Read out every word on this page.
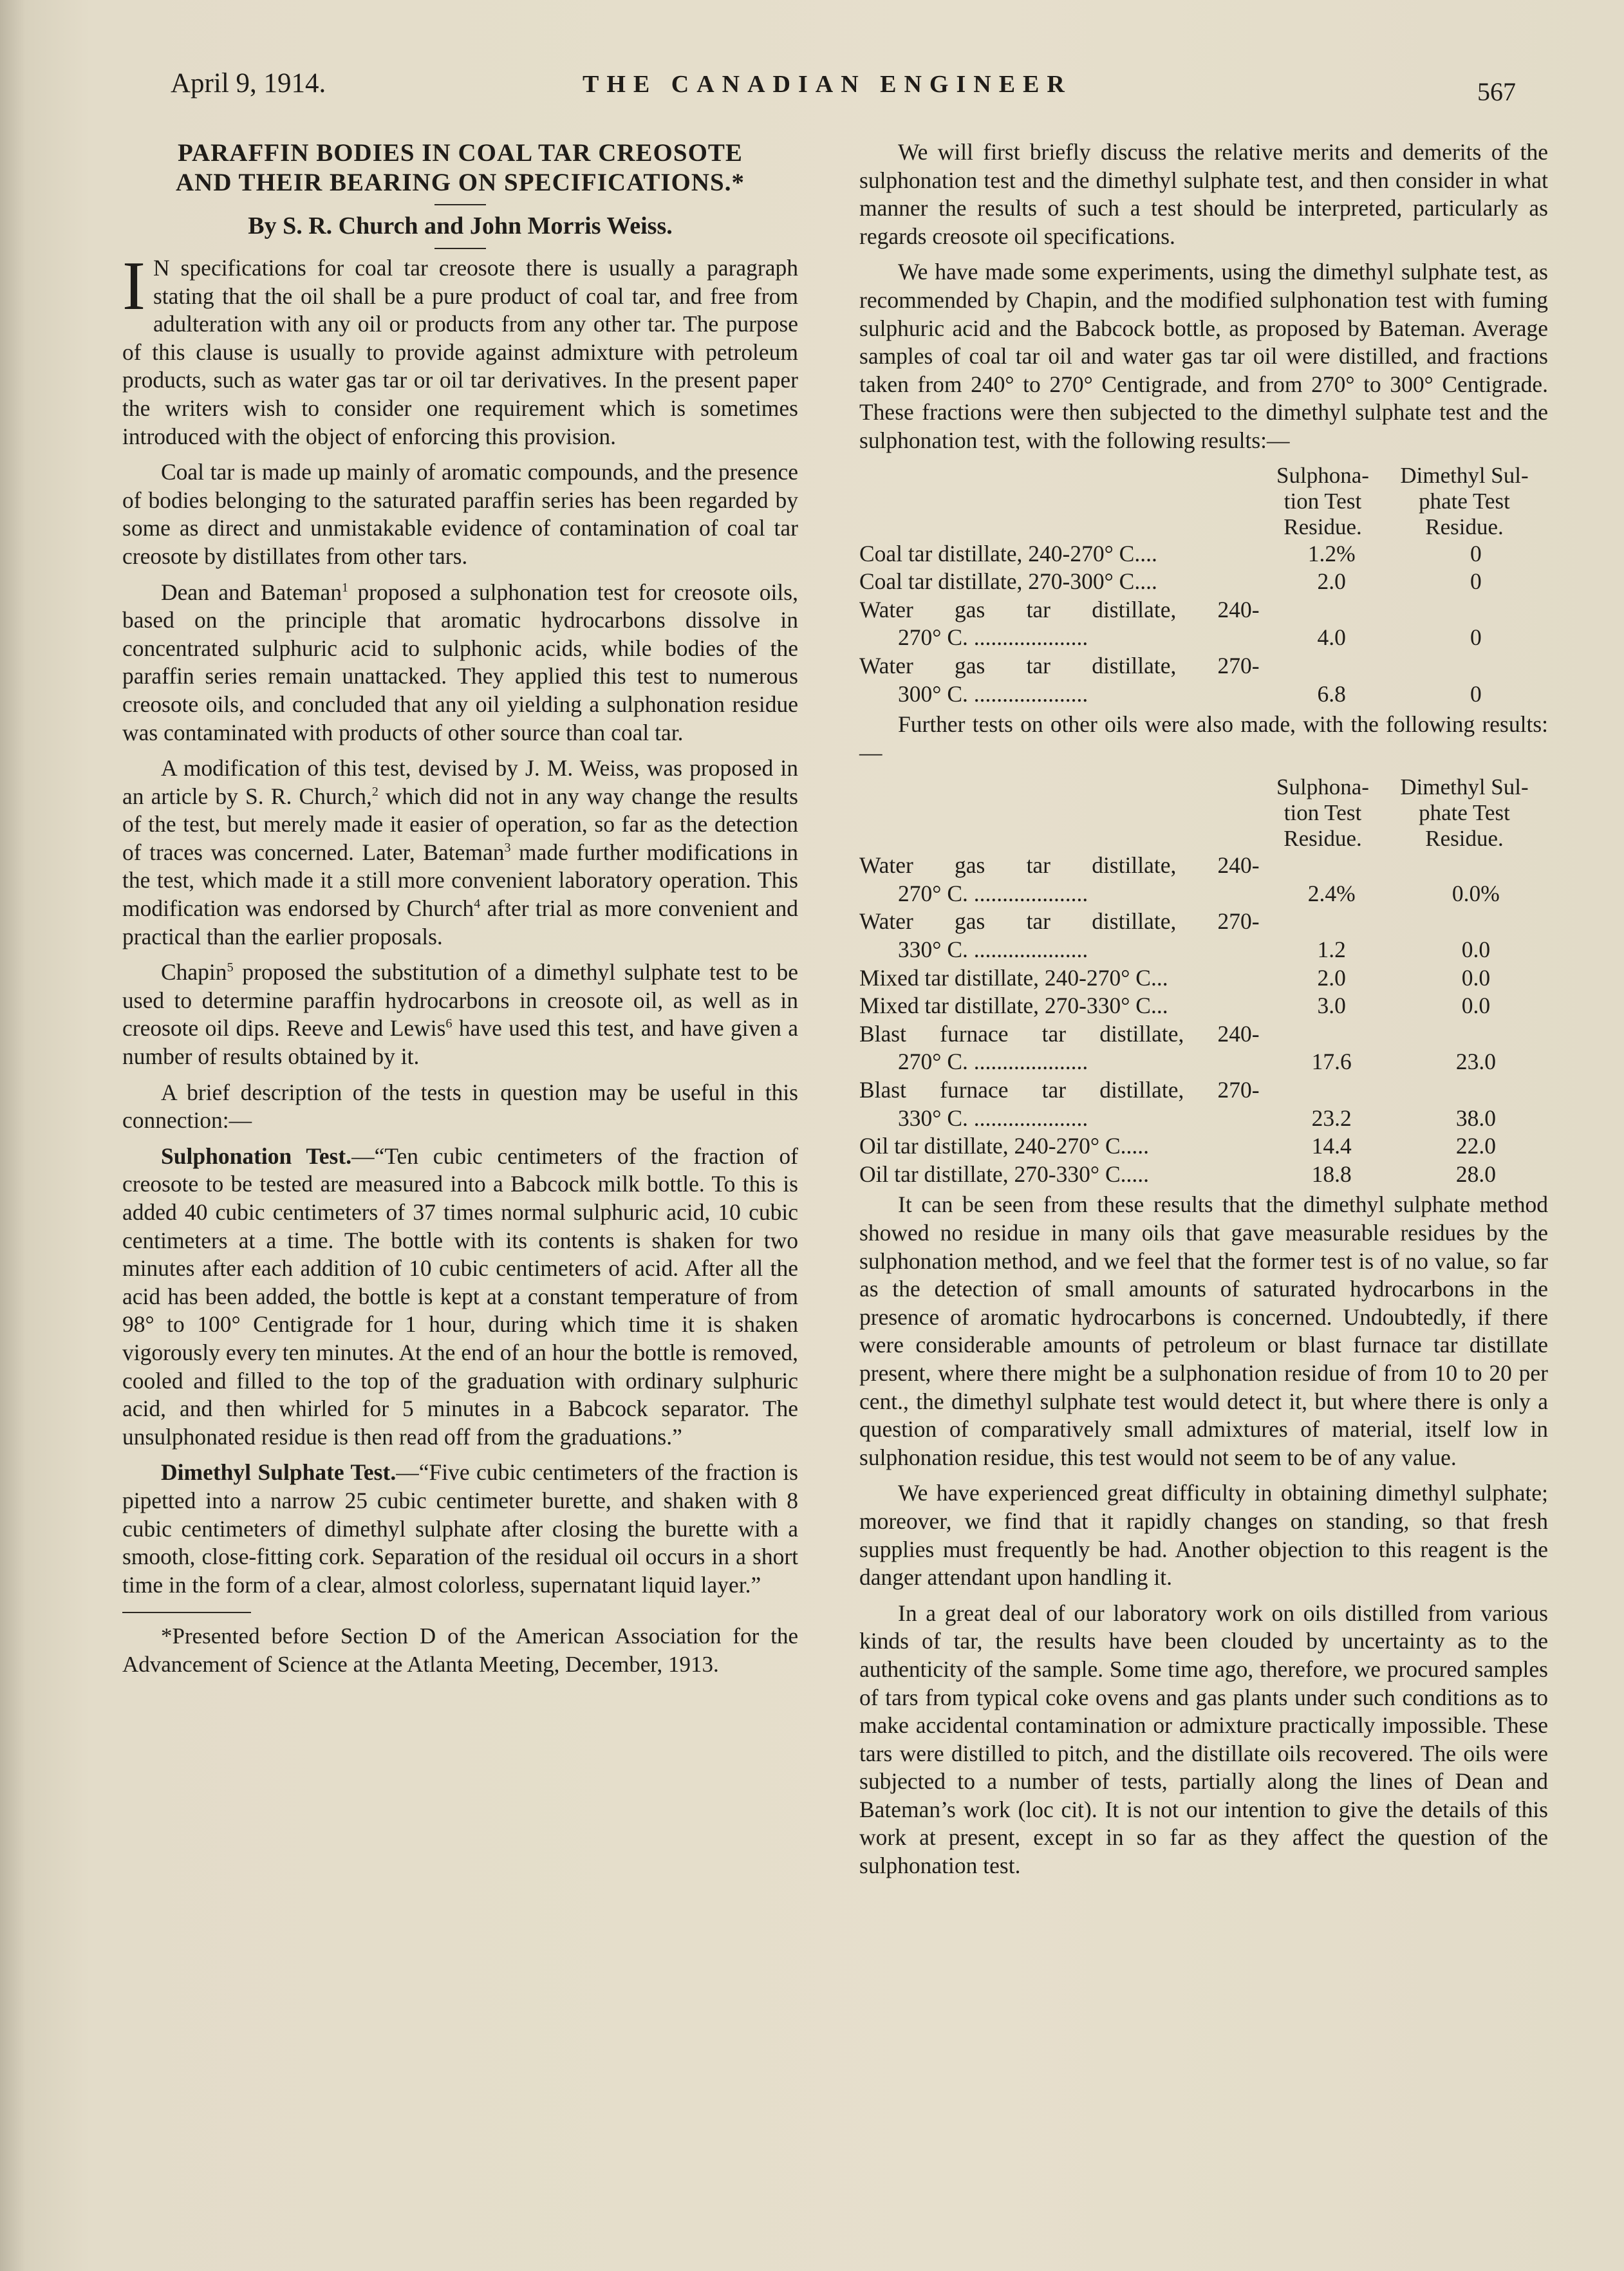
April 9, 1914.	THE CANADIAN ENGINEER	567
PARAFFIN BODIES IN COAL TAR CREOSOTE
AND THEIR BEARING ON SPECIFICATIONS.*
By S. R. Church and John Morris Weiss.

I N specifications for coal tar creosote there is usually a paragraph stating that the oil shall be a pure product of coal tar, and free from adulteration with any oil or products from any other tar. The purpose of this clause is usually to provide against admixture with petroleum products, such as water gas tar or oil tar derivatives. In the present paper the writers wish to consider one requirement which is sometimes introduced with the object of enforcing this provision.

Coal tar is made up mainly of aromatic compounds, and the presence of bodies belonging to the saturated paraffin series has been regarded by some as direct and unmistakable evidence of contamination of coal tar creosote by distillates from other tars.

Dean and Bateman$^1$ proposed a sulphonation test for creosote oils, based on the principle that aromatic hydrocarbons dissolve in concentrated sulphuric acid to sulphonic acids, while bodies of the paraffin series remain unattacked. They applied this test to numerous creosote oils, and concluded that any oil yielding a sulphonation residue was contaminated with products of other source than coal tar.

A modification of this test, devised by J. M. Weiss, was proposed in an article by S. R. Church,$^2$ which did not in any way change the results of the test, but merely made it easier of operation, so far as the detection of traces was concerned. Later, Bateman$^3$ made further modifications in the test, which made it a still more convenient laboratory operation. This modification was endorsed by Church$^4$ after trial as more convenient and practical than the earlier proposals.

Chapin$^5$ proposed the substitution of a dimethyl sulphate test to be used to determine paraffin hydrocarbons in creosote oil, as well as in creosote oil dips. Reeve and Lewis$^6$ have used this test, and have given a number of results obtained by it.

A brief description of the tests in question may be useful in this connection:—

Sulphonation Test.—“Ten cubic centimeters of the fraction of creosote to be tested are measured into a Babcock milk bottle. To this is added 40 cubic centimeters of 37 times normal sulphuric acid, 10 cubic centimeters at a time. The bottle with its contents is shaken for two minutes after each addition of 10 cubic centimeters of acid. After all the acid has been added, the bottle is kept at a constant temperature of from 98° to 100° Centigrade for 1 hour, during which time it is shaken vigorously every ten minutes. At the end of an hour the bottle is removed, cooled and filled to the top of the graduation with ordinary sulphuric acid, and then whirled for 5 minutes in a Babcock separator. The unsulphonated residue is then read off from the graduations.”

Dimethyl Sulphate Test.—“Five cubic centimeters of the fraction is pipetted into a narrow 25 cubic centimeter burette, and shaken with 8 cubic centimeters of dimethyl sulphate after closing the burette with a smooth, close-fitting cork. Separation of the residual oil occurs in a short time in the form of a clear, almost colorless, supernatant liquid layer.”

*Presented before Section D of the American Association for the Advancement of Science at the Atlanta Meeting, December, 1913.

We will first briefly discuss the relative merits and demerits of the sulphonation test and the dimethyl sulphate test, and then consider in what manner the results of such a test should be interpreted, particularly as regards creosote oil specifications.

We have made some experiments, using the dimethyl sulphate test, as recommended by Chapin, and the modified sulphonation test with fuming sulphuric acid and the Babcock bottle, as proposed by Bateman. Average samples of coal tar oil and water gas tar oil were distilled, and fractions taken from 240° to 270° Centigrade, and from 270° to 300° Centigrade. These fractions were then subjected to the dimethyl sulphate test and the sulphonation test, with the following results:—

Sulphona-
tion Test
Residue.
Dimethyl Sul-
phate Test
Residue.
Coal tar distillate, 240-270° C....	1.2%	0
Coal tar distillate, 270-300° C....	2.0	0

Water gas tar distillate, 240-
270° C. ....................	4.0	0

Water gas tar distillate, 270-
300° C. ....................	6.8	0

Further tests on other oils were also made, with the following results:—

Sulphona-
tion Test
Residue.
Dimethyl Sul-
phate Test
Residue.
Water gas tar distillate, 240-
270° C. ....................	2.4%	0.0%

Water gas tar distillate, 270-
330° C. ....................	1.2	0.0
Mixed tar distillate, 240-270° C...	2.0	0.0
Mixed tar distillate, 270-330° C...	3.0	0.0

Blast furnace tar distillate, 240-
270° C. ....................	17.6	23.0

Blast furnace tar distillate, 270-
330° C. ....................	23.2	38.0
Oil tar distillate, 240-270° C.....	14.4	22.0
Oil tar distillate, 270-330° C.....	18.8	28.0

It can be seen from these results that the dimethyl sulphate method showed no residue in many oils that gave measurable residues by the sulphonation method, and we feel that the former test is of no value, so far as the detection of small amounts of saturated hydrocarbons in the presence of aromatic hydrocarbons is concerned. Undoubtedly, if there were considerable amounts of petroleum or blast furnace tar distillate present, where there might be a sulphonation residue of from 10 to 20 per cent., the dimethyl sulphate test would detect it, but where there is only a question of comparatively small admixtures of material, itself low in sulphonation residue, this test would not seem to be of any value.

We have experienced great difficulty in obtaining dimethyl sulphate; moreover, we find that it rapidly changes on standing, so that fresh supplies must frequently be had. Another objection to this reagent is the danger attendant upon handling it.

In a great deal of our laboratory work on oils distilled from various kinds of tar, the results have been clouded by uncertainty as to the authenticity of the sample. Some time ago, therefore, we procured samples of tars from typical coke ovens and gas plants under such conditions as to make accidental contamination or admixture practically impossible. These tars were distilled to pitch, and the distillate oils recovered. The oils were subjected to a number of tests, partially along the lines of Dean and Bateman’s work (loc cit). It is not our intention to give the details of this work at present, except in so far as they affect the question of the sulphonation test.
